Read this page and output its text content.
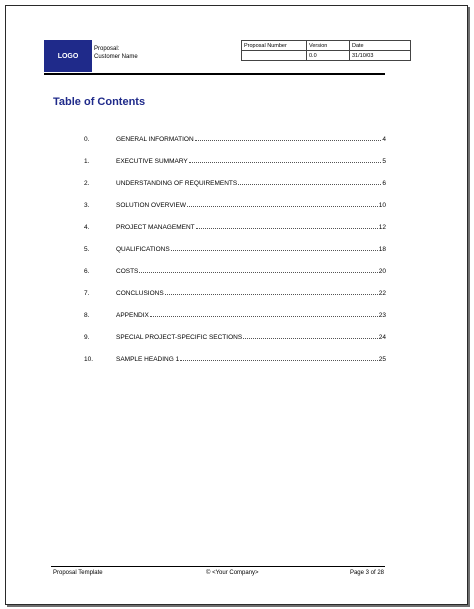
LOGO
Proposal:
Customer Name
Proposal Number	Version	Date
	0.0	31/10/03
Table of Contents
0.	GENERAL INFORMATION	4
1.	EXECUTIVE SUMMARY	5
2.	UNDERSTANDING OF REQUIREMENTS	6
3.	SOLUTION OVERVIEW	10
4.	PROJECT MANAGEMENT	12
5.	QUALIFICATIONS	18
6.	COSTS	20
7.	CONCLUSIONS	22
8.	APPENDIX	23
9.	SPECIAL PROJECT-SPECIFIC SECTIONS	24
10.	SAMPLE HEADING 1	25
Proposal Template	© <Your Company>	Page 3 of 28
